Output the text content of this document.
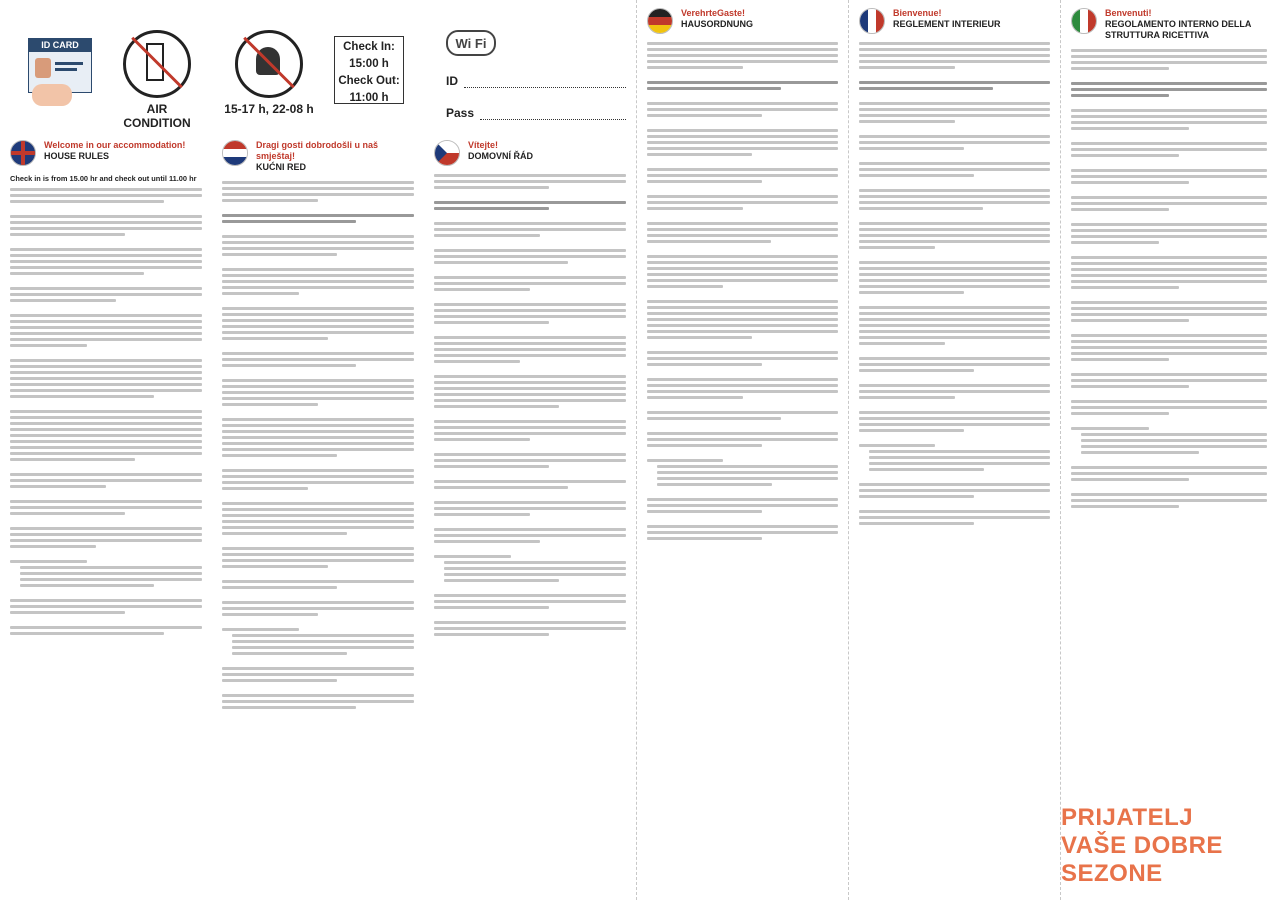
ID CARD
AIR CONDITION
15-17 h, 22-08 h
Check In:
15:00 h
Check Out:
11:00 h
Wi Fi
ID
Pass
Welcome in our accommodation!
HOUSE RULES

Check in is from 15.00 hr and check out until 11.00 hr

Dragi gosti dobrodošli u naš smještaj!
KUĆNI RED
Vítejte!
DOMOVNÍ ŘÁD
VerehrteGaste!
HAUSORDNUNG
Bienvenue!
REGLEMENT INTERIEUR
Benvenuti!
REGOLAMENTO INTERNO DELLA STRUTTURA RICETTIVA
PRIJATELJ VAŠE DOBRE SEZONE
